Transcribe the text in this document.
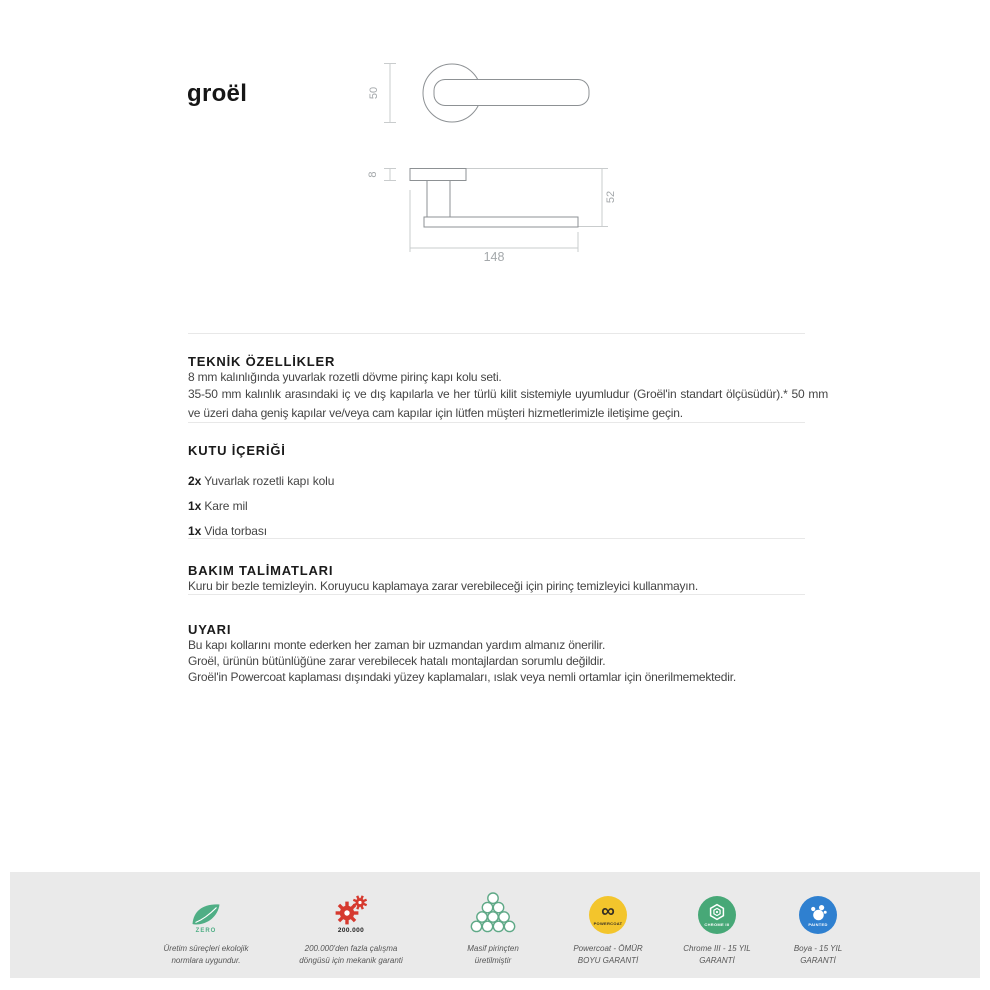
groël	50
8
52
148
TEKNİK ÖZELLİKLER

8 mm kalınlığında yuvarlak rozetli dövme pirinç kapı kolu seti.

35-50 mm kalınlık arasındaki iç ve dış kapılarla ve her türlü kilit sistemiyle uyumludur (Groël'in standart ölçüsüdür).* 50 mm ve üzeri daha geniş kapılar ve/veya cam kapılar için lütfen müşteri hizmetlerimizle iletişime geçin.

KUTU İÇERİĞİ
2x Yuvarlak rozetli kapı kolu
1x Kare mil
1x Vida torbası
BAKIM TALİMATLARI

Kuru bir bezle temizleyin. Koruyucu kaplamaya zarar verebileceği için pirinç temizleyici kullanmayın.

UYARI

Bu kapı kollarını monte ederken her zaman bir uzmandan yardım almanız önerilir.

Groël, ürünün bütünlüğüne zarar verebilecek hatalı montajlardan sorumlu değildir.

Groël'in Powercoat kaplaması dışındaki yüzey kaplamaları, ıslak veya nemli ortamlar için önerilmemektedir.

ZERO
Üretim süreçleri ekolojik
normlara uygundur.
200.000
200.000'den fazla çalışma
döngüsü için mekanik garanti
Masif pirinçten
üretilmiştir
∞
POWERCOAT
Powercoat - ÖMÜR
BOYU GARANTİ
CHROME III
Chrome III - 15 YIL
GARANTİ
PAINTED
Boya - 15 YIL
GARANTİ
